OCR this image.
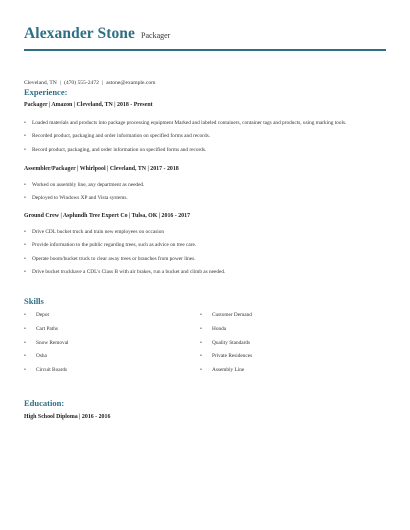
Alexander Stone Packager
Cleveland, TN | (470) 555-2472 | astone@example.com
Experience:
Packager | Amazon | Cleveland, TN | 2018 - Present
• Loaded materials and products into package processing equipment Marked and labeled containers, container tags and products, using marking tools.
• Recorded product, packaging and order information on specified forms and records.
• Record product, packaging, and order information on specified forms and records.
Assembler/Packager | Whirlpool | Cleveland, TN | 2017 - 2018
• Worked on assembly line, any department as needed.
• Deployed to Windows XP and Vista systems.
Ground Crew | Asplundh Tree Expert Co | Tulsa, OK | 2016 - 2017
• Drive CDL bucket truck and train new employees on occasion
• Provide information to the public regarding trees, such as advice on tree care.
• Operate boom/bucket truck to clear away trees or branches from power lines.
• Drive bucket truckhave a CDL's Class B with air brakes, run a bucket and climb as needed.
Skills
• Depot
• Cart Paths
• Snow Removal
• Osha
• Circuit Boards
• Customer Demand
• Honda
• Quality Standards
• Private Residences
• Assembly Line
Education:
High School Diploma | 2016 - 2016
